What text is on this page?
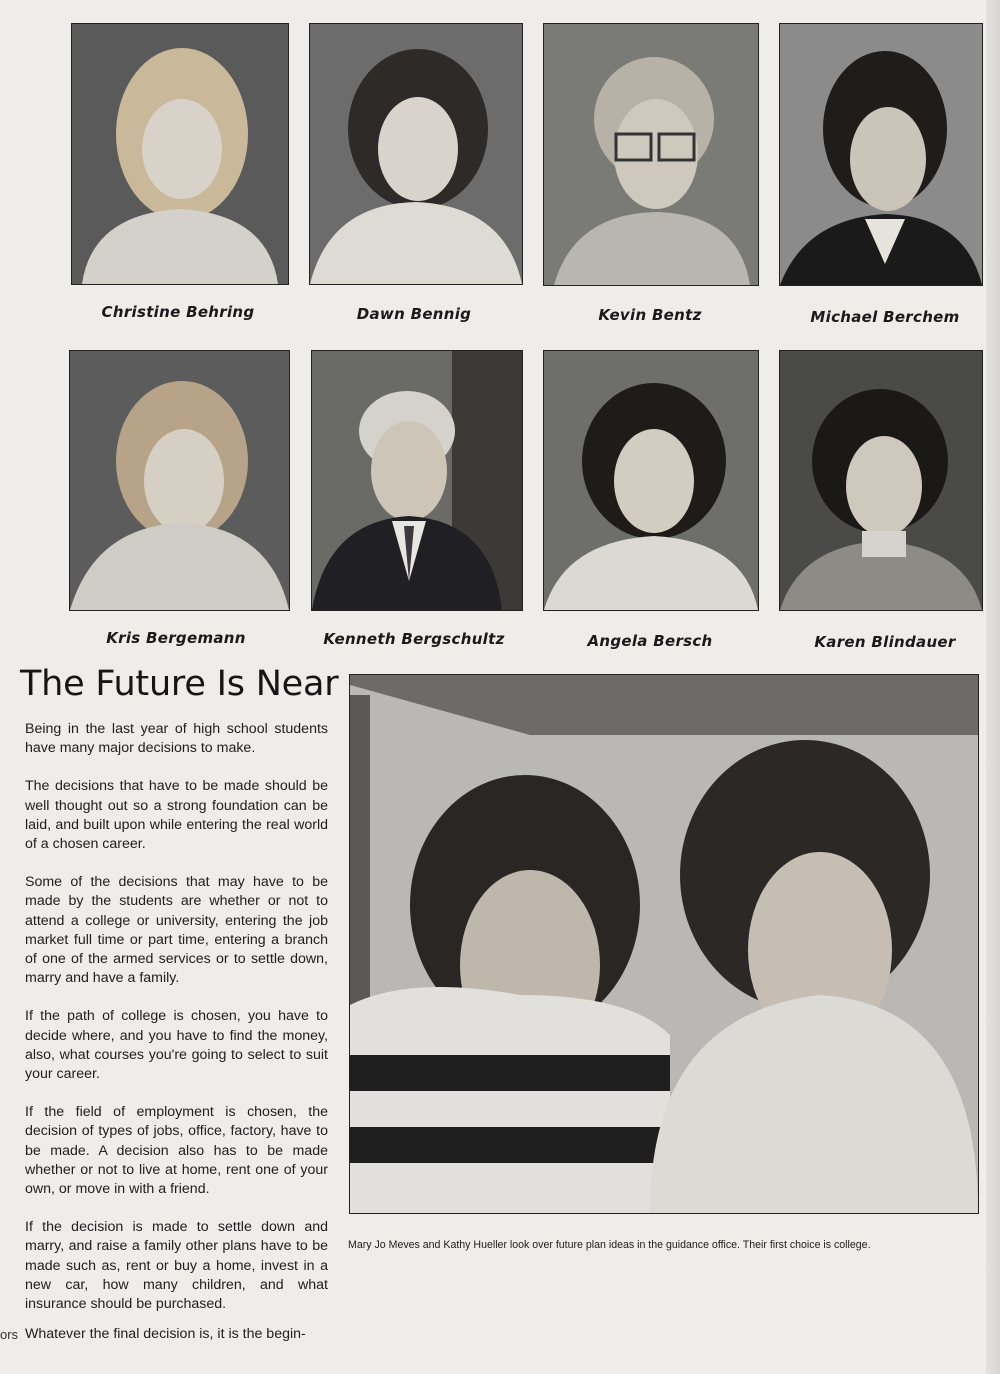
Christine Behring	Dawn Bennig	Kevin Bentz	Michael Berchem
Kris Bergemann	Kenneth Bergschultz	Angela Bersch	Karen Blindauer
The Future Is Near

Being in the last year of high school students have many major decisions to make.

The decisions that have to be made should be well thought out so a strong foundation can be laid, and built upon while entering the real world of a chosen career.

Some of the decisions that may have to be made by the students are whether or not to attend a college or university, entering the job market full time or part time, entering a branch of one of the armed services or to settle down, marry and have a family.

If the path of college is chosen, you have to decide where, and you have to find the money, also, what courses you're going to select to suit your career.

If the field of employment is chosen, the decision of types of jobs, office, factory, have to be made. A decision also has to be made whether or not to live at home, rent one of your own, or move in with a friend.

If the decision is made to settle down and marry, and raise a family other plans have to be made such as, rent or buy a home, invest in a new car, how many children, and what insurance should be purchased.

ors Whatever the final decision is, it is the begin-
Mary Jo Meves and Kathy Hueller look over future plan ideas in the guidance office. Their first choice is college.
